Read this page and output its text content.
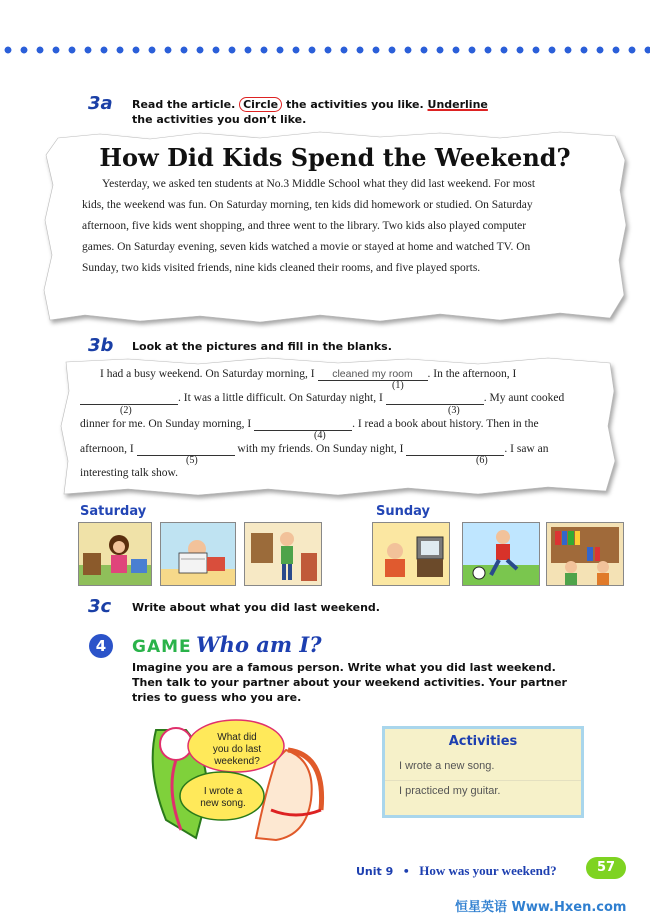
3a Read the article. Circle the activities you like. Underline
the activities you don’t like.
How Did Kids Spend the Weekend?
Yesterday, we asked ten students at No.3 Middle School what they did last weekend. For most
kids, the weekend was fun. On Saturday morning, ten kids did homework or studied. On Saturday
afternoon, five kids went shopping, and three went to the library. Two kids also played computer
games. On Saturday evening, seven kids watched a movie or stayed at home and watched TV. On
Sunday, two kids visited friends, nine kids cleaned their rooms, and five played sports.
3b Look at the pictures and fill in the blanks.
I had a busy weekend. On Saturday morning, I cleaned my room . In the afternoon, I
(1)
. It was a little difficult. On Saturday night, I	. My aunt cooked
(2)	(3)
dinner for me. On Sunday morning, I	. I read a book about history. Then in the
(4)
afternoon, I	with my friends. On Sunday night, I	. I saw an
(5)	(6)
interesting talk show.
Saturday	Sunday
3c Write about what you did last weekend.
4	GAME Who am I?
Imagine you are a famous person. Write what you did last weekend.
Then talk to your partner about your weekend activities. Your partner
tries to guess who you are.
What did
you do last
weekend?
I wrote a
new song.
Activities
I wrote a new song.
I practiced my guitar.
Unit 9 • How was your weekend?	57
恒星英语 Www.Hxen.com
